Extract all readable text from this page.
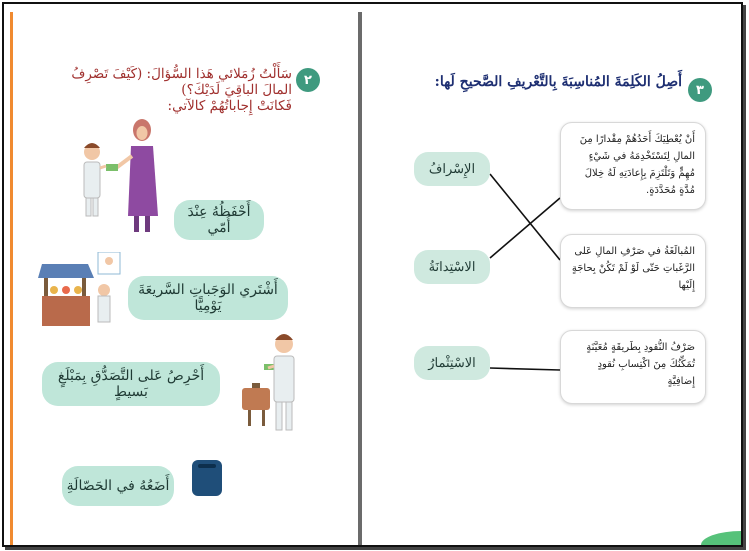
٢
سَأَلْتُ زُمَلائي هَذا السُّؤالَ: (كَيْفَ تَصْرِفُ المالَ الباقِيَ لَدَيْكَ؟)
فَكانَتْ إِجاباتُهُمْ كالآتي:
أَحْفَظُهُ عِنْدَ أُمّي
أَشْتَري الوَجَباتِ السَّريعَةَ يَوْمِيًّا
أَحْرِصُ عَلى التَّصَدُّقِ بِمَبْلَغٍ بَسيطٍ
أَضَعُهُ في الحَصّالَةِ
٣
أَصِلُ الكَلِمَةَ المُناسِبَةَ بِالتَّعْريفِ الصَّحيحِ لَها:
الإِسْرافُ
الاسْتِدانَةُ
الاسْتِثْمارُ
أَنْ يُعْطِيَكَ أَحَدُهُمْ مِقْدارًا مِنَ المالِ لِتَسْتَخْدِمَهُ في شَيْءٍ مُهِمٍّ وَتَلْتَزِمَ بِإِعادَتِهِ لَهُ خِلالَ مُدَّةٍ مُحَدَّدَةٍ.
المُبالَغَةُ في صَرْفِ المالِ عَلى الرَّغَباتِ حَتّى لَوْ لَمْ تَكُنْ بِحاجَةٍ إِلَيْها
صَرْفُ النُّقودِ بِطَريقَةٍ مُعَيَّنَةٍ تُمَكِّنُكَ مِنَ اكْتِسابِ نُقودٍ إِضافِيَّةٍ
